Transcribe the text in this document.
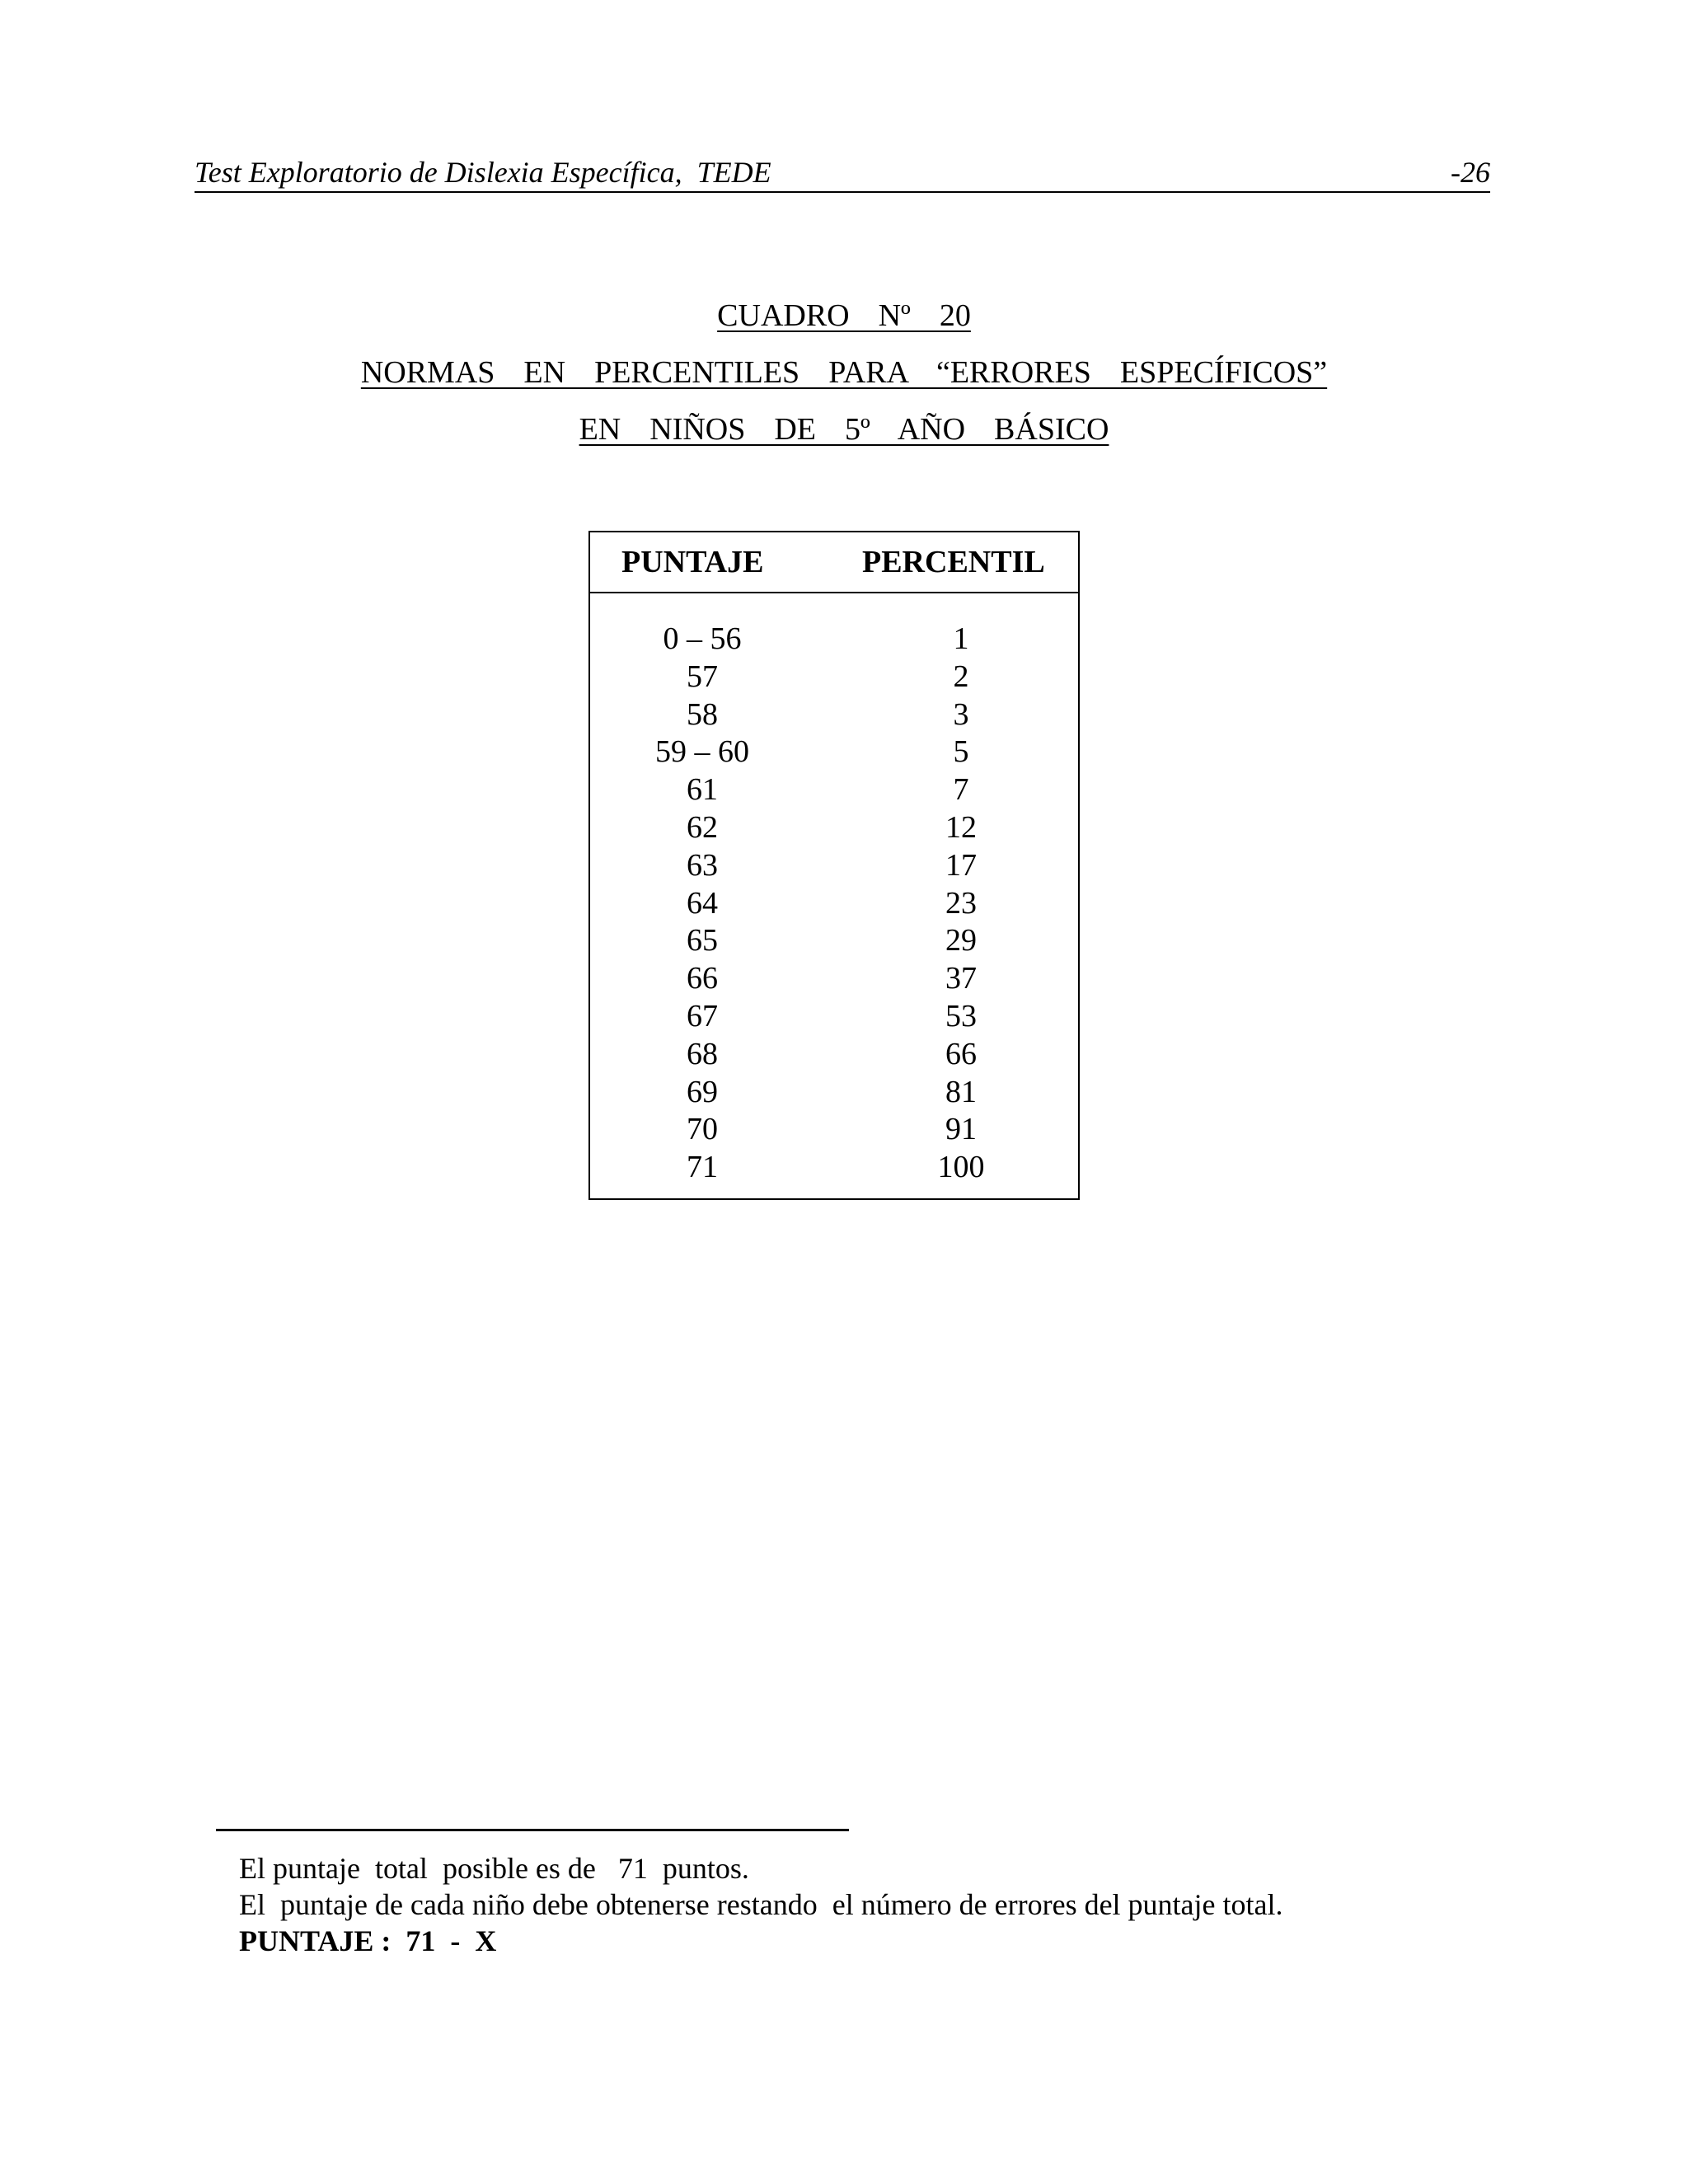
Test Exploratorio de Dislexia Específica,  TEDE	-26
CUADRO  Nº  20
NORMAS  EN  PERCENTILES  PARA  “ERRORES  ESPECÍFICOS”
EN  NIÑOS  DE  5º  AÑO  BÁSICO
PUNTAJE	PERCENTIL
0 – 56	1
57	2
58	3
59 – 60	5
61	7
62	12
63	17
64	23
65	29
66	37
67	53
68	66
69	81
70	91
71	100
El puntaje  total  posible es de   71  puntos.
El  puntaje de cada niño debe obtenerse restando  el número de errores del puntaje total.
PUNTAJE :  71  -  X
